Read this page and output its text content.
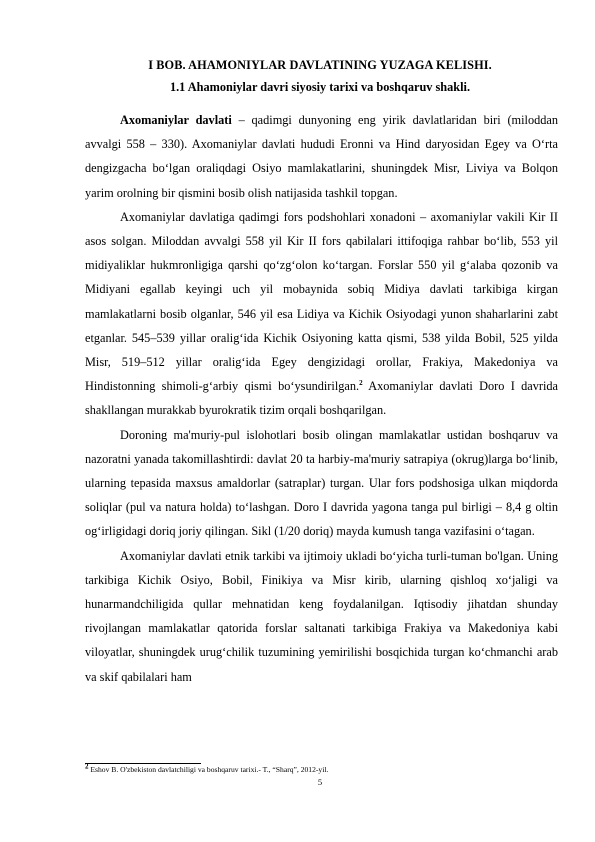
I BOB. AHAMONIYLAR DAVLATINING YUZAGA KELISHI.
1.1 Ahamoniylar davri siyosiy tarixi va boshqaruv shakli.

Axomaniylar davlati – qadimgi dunyoning eng yirik davlatlaridan biri (miloddan avvalgi 558 – 330). Axomaniylar davlati hududi Eronni va Hind daryosidan Egey va Oʻrta dengizgacha boʻlgan oraliqdagi Osiyo mamlakatlarini, shuningdek Misr, Liviya va Bolqon yarim orolning bir qismini bosib olish natijasida tashkil topgan.

Axomaniylar davlatiga qadimgi fors podshohlari xonadoni – axomaniylar vakili Kir II asos solgan. Miloddan avvalgi 558 yil Kir II fors qabilalari ittifoqiga rahbar boʻlib, 553 yil midiyaliklar hukmronligiga qarshi qoʻzgʻolon koʻtargan. Forslar 550 yil gʻalaba qozonib va Midiyani egallab keyingi uch yil mobaynida sobiq Midiya davlati tarkibiga kirgan mamlakatlarni bosib olganlar, 546 yil esa Lidiya va Kichik Osiyodagi yunon shaharlarini zabt etganlar. 545–539 yillar oraligʻida Kichik Osiyoning katta qismi, 538 yilda Bobil, 525 yilda Misr, 519–512 yillar oraligʻida Egey dengizidagi orollar, Frakiya, Makedoniya va Hindistonning shimoli-gʻarbiy qismi boʻysundirilgan.$^2$ Axomaniylar davlati Doro I davrida shakllangan murakkab byurokratik tizim orqali boshqarilgan.

Doroning ma'muriy-pul islohotlari bosib olingan mamlakatlar ustidan boshqaruv va nazoratni yanada takomillashtirdi: davlat 20 ta harbiy-ma'muriy satrapiya (okrug)larga boʻlinib, ularning tepasida maxsus amaldorlar (satraplar) turgan. Ular fors podshosiga ulkan miqdorda soliqlar (pul va natura holda) toʻlashgan. Doro I davrida yagona tanga pul birligi – 8,4 g oltin ogʻirligidagi doriq joriy qilingan. Sikl (1/20 doriq) mayda kumush tanga vazifasini oʻtagan.

Axomaniylar davlati etnik tarkibi va ijtimoiy ukladi boʻyicha turli-tuman bo'lgan. Uning tarkibiga Kichik Osiyo, Bobil, Finikiya va Misr kirib, ularning qishloq xoʻjaligi va hunarmandchiligida qullar mehnatidan keng foydalanilgan. Iqtisodiy jihatdan shunday rivojlangan mamlakatlar qatorida forslar saltanati tarkibiga Frakiya va Makedoniya kabi viloyatlar, shuningdek urugʻchilik tuzumining yemirilishi bosqichida turgan koʻchmanchi arab va skif qabilalari ham

$^2$ Eshov B. O'zbekiston davlatchiligi va boshqaruv tarixi.- T., “Sharq”, 2012-yil.
5
